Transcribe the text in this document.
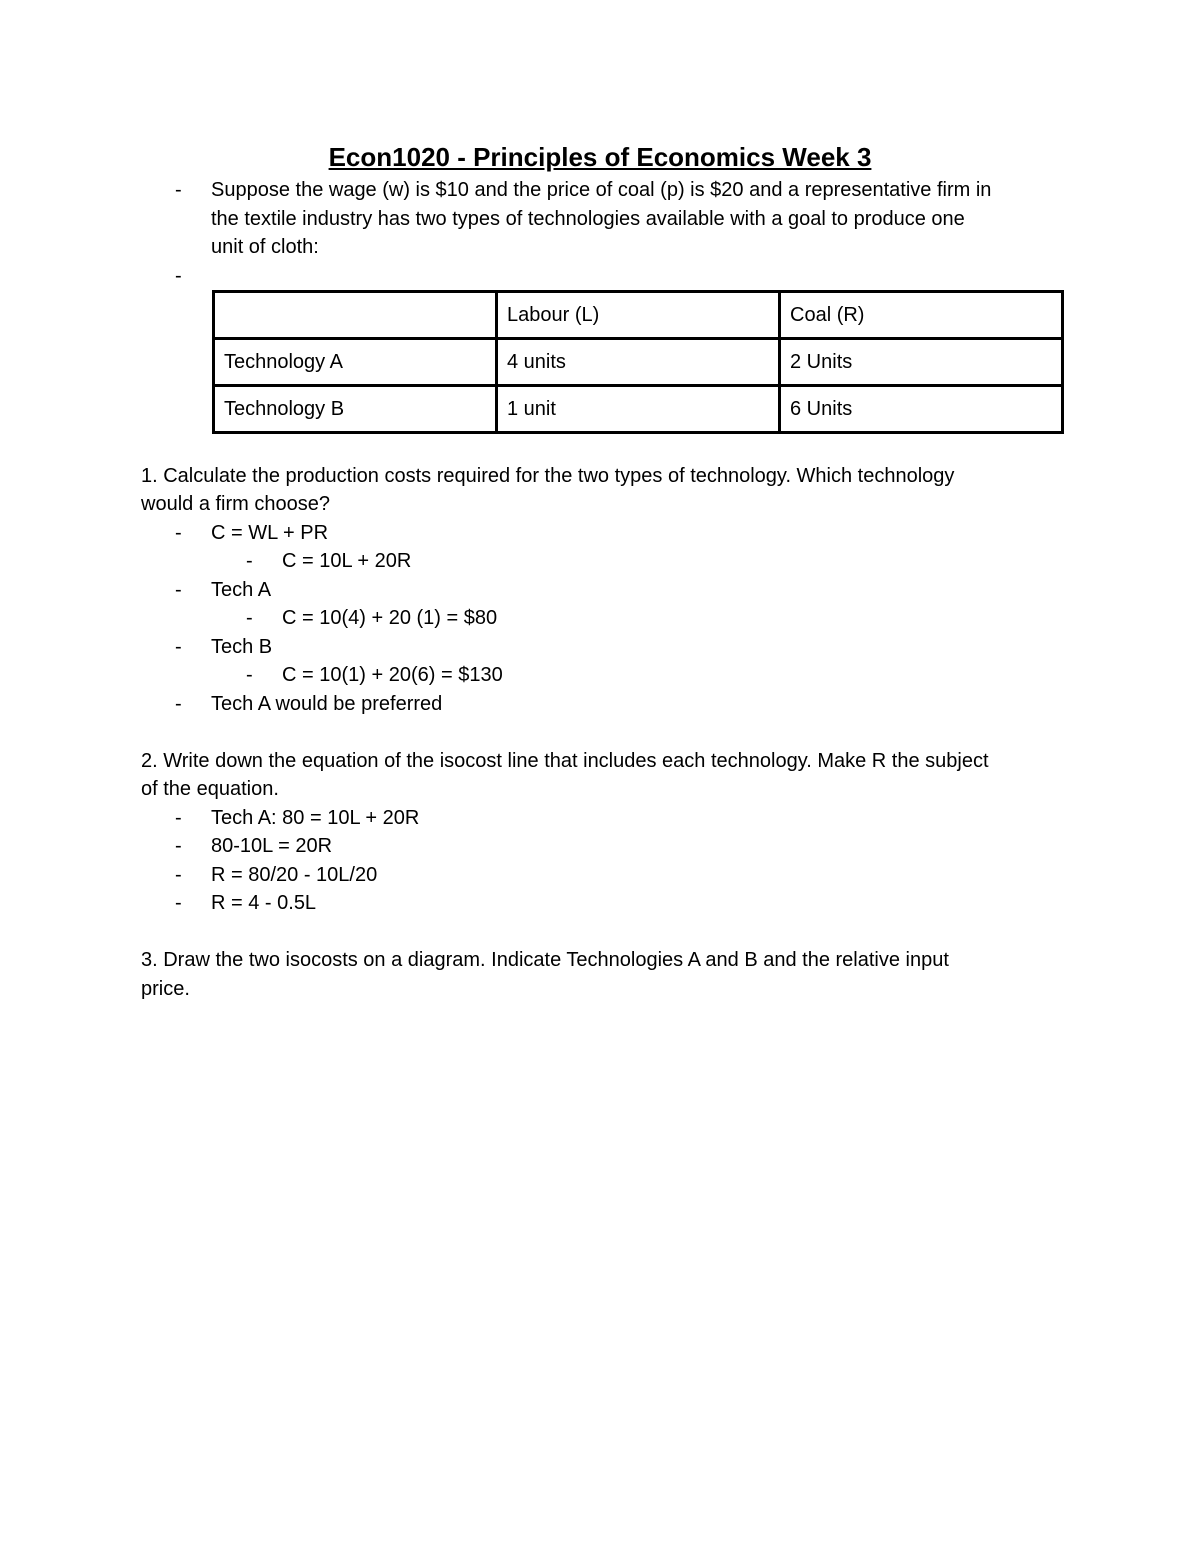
Econ1020 - Principles of Economics Week 3
- Suppose the wage (w) is $10 and the price of coal (p) is $20 and a representative firm in
the textile industry has two types of technologies available with a goal to produce one
unit of cloth:
-
	Labour (L)	Coal (R)
Technology A	4 units	2 Units
Technology B	1 unit	6 Units
1. Calculate the production costs required for the two types of technology. Which technology
would a firm choose?
- C = WL + PR
- C = 10L + 20R
- Tech A
- C = 10(4) + 20 (1) = $80
- Tech B
- C = 10(1) + 20(6) = $130
- Tech A would be preferred
2. Write down the equation of the isocost line that includes each technology. Make R the subject
of the equation.
- Tech A: 80 = 10L + 20R
- 80-10L = 20R
- R = 80/20 - 10L/20
- R = 4 - 0.5L
3. Draw the two isocosts on a diagram. Indicate Technologies A and B and the relative input
price.
